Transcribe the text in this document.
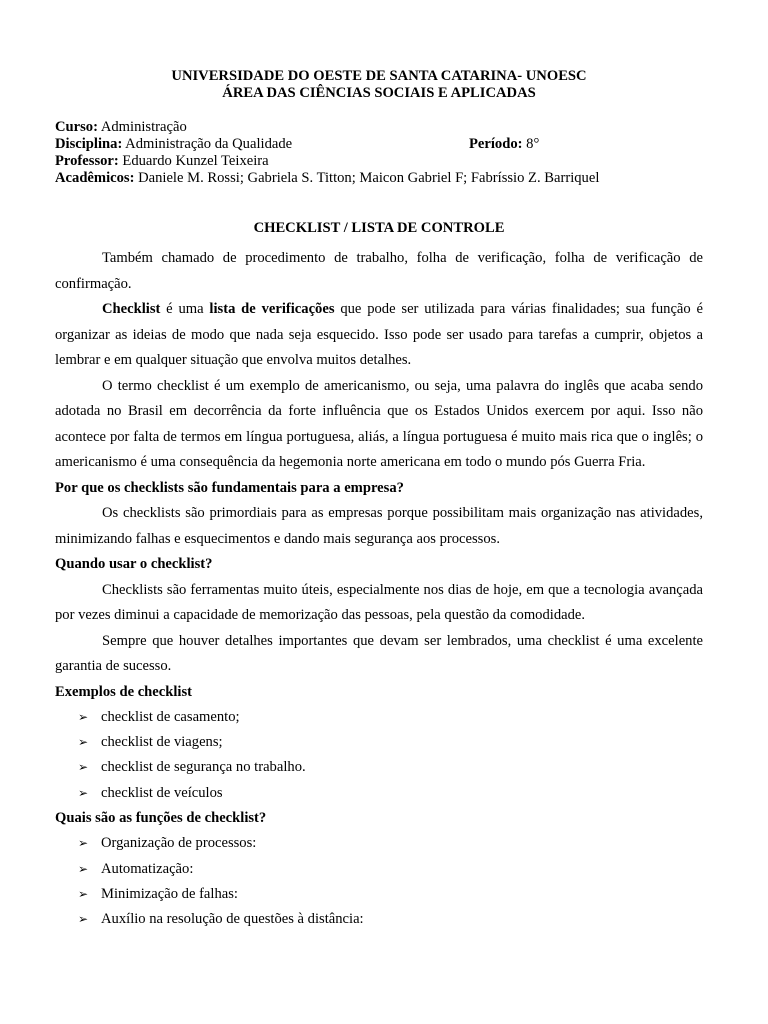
UNIVERSIDADE DO OESTE DE SANTA CATARINA- UNOESC
ÁREA DAS CIÊNCIAS SOCIAIS E APLICADAS
Curso: Administração
Disciplina: Administração da Qualidade	Período: 8°
Professor: Eduardo Kunzel Teixeira
Acadêmicos: Daniele M. Rossi; Gabriela S. Titton; Maicon Gabriel F; Fabríssio Z. Barriquel
CHECKLIST / LISTA DE CONTROLE
Também chamado de procedimento de trabalho, folha de verificação, folha de verificação de confirmação.
Checklist é uma lista de verificações que pode ser utilizada para várias finalidades; sua função é organizar as ideias de modo que nada seja esquecido. Isso pode ser usado para tarefas a cumprir, objetos a lembrar e em qualquer situação que envolva muitos detalhes.
O termo checklist é um exemplo de americanismo, ou seja, uma palavra do inglês que acaba sendo adotada no Brasil em decorrência da forte influência que os Estados Unidos exercem por aqui. Isso não acontece por falta de termos em língua portuguesa, aliás, a língua portuguesa é muito mais rica que o inglês; o americanismo é uma consequência da hegemonia norte americana em todo o mundo pós Guerra Fria.
Por que os checklists são fundamentais para a empresa?
Os checklists são primordiais para as empresas porque possibilitam mais organização nas atividades, minimizando falhas e esquecimentos e dando mais segurança aos processos.
Quando usar o checklist?
Checklists são ferramentas muito úteis, especialmente nos dias de hoje, em que a tecnologia avançada por vezes diminui a capacidade de memorização das pessoas, pela questão da comodidade.
Sempre que houver detalhes importantes que devam ser lembrados, uma checklist é uma excelente garantia de sucesso.
Exemplos de checklist
➢ checklist de casamento;
➢ checklist de viagens;
➢ checklist de segurança no trabalho.
➢ checklist de veículos
Quais são as funções de checklist?
➢ Organização de processos:
➢ Automatização:
➢ Minimização de falhas:
➢ Auxílio na resolução de questões à distância:
